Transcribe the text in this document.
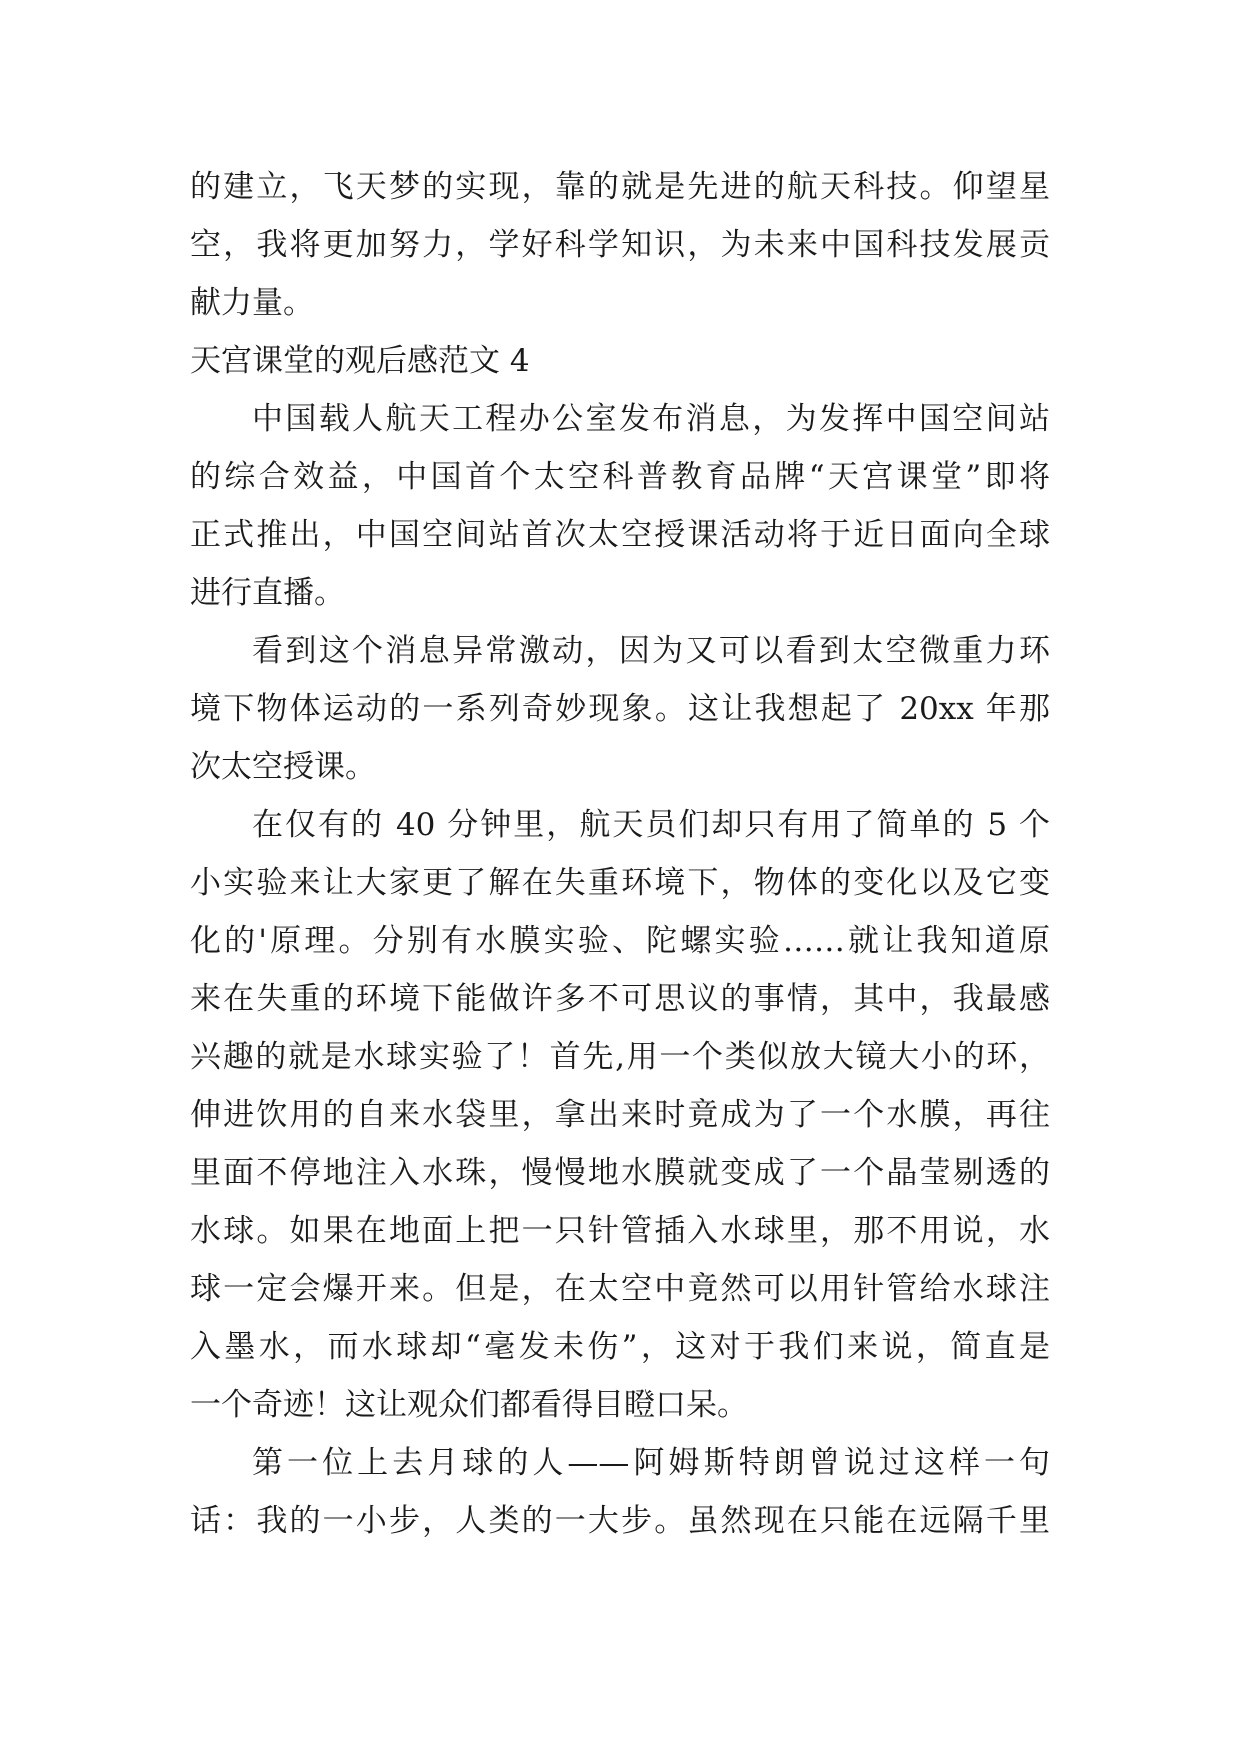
的建立，飞天梦的实现，靠的就是先进的航天科技。仰望星
空，我将更加努力，学好科学知识，为未来中国科技发展贡
献力量。
天宫课堂的观后感范文 4
中国载人航天工程办公室发布消息，为发挥中国空间站
的综合效益，中国首个太空科普教育品牌“天宫课堂”即将
正式推出，中国空间站首次太空授课活动将于近日面向全球
进行直播。
看到这个消息异常激动，因为又可以看到太空微重力环
境下物体运动的一系列奇妙现象。这让我想起了 20xx 年那
次太空授课。
在仅有的 40 分钟里，航天员们却只有用了简单的 5 个
小实验来让大家更了解在失重环境下，物体的变化以及它变
化的'原理。分别有水膜实验、陀螺实验……就让我知道原
来在失重的环境下能做许多不可思议的事情，其中，我最感
兴趣的就是水球实验了！首先,用一个类似放大镜大小的环，
伸进饮用的自来水袋里，拿出来时竟成为了一个水膜，再往
里面不停地注入水珠，慢慢地水膜就变成了一个晶莹剔透的
水球。如果在地面上把一只针管插入水球里，那不用说，水
球一定会爆开来。但是，在太空中竟然可以用针管给水球注
入墨水，而水球却“毫发未伤”，这对于我们来说，简直是
一个奇迹！这让观众们都看得目瞪口呆。
第一位上去月球的人——阿姆斯特朗曾说过这样一句
话：我的一小步，人类的一大步。虽然现在只能在远隔千里
